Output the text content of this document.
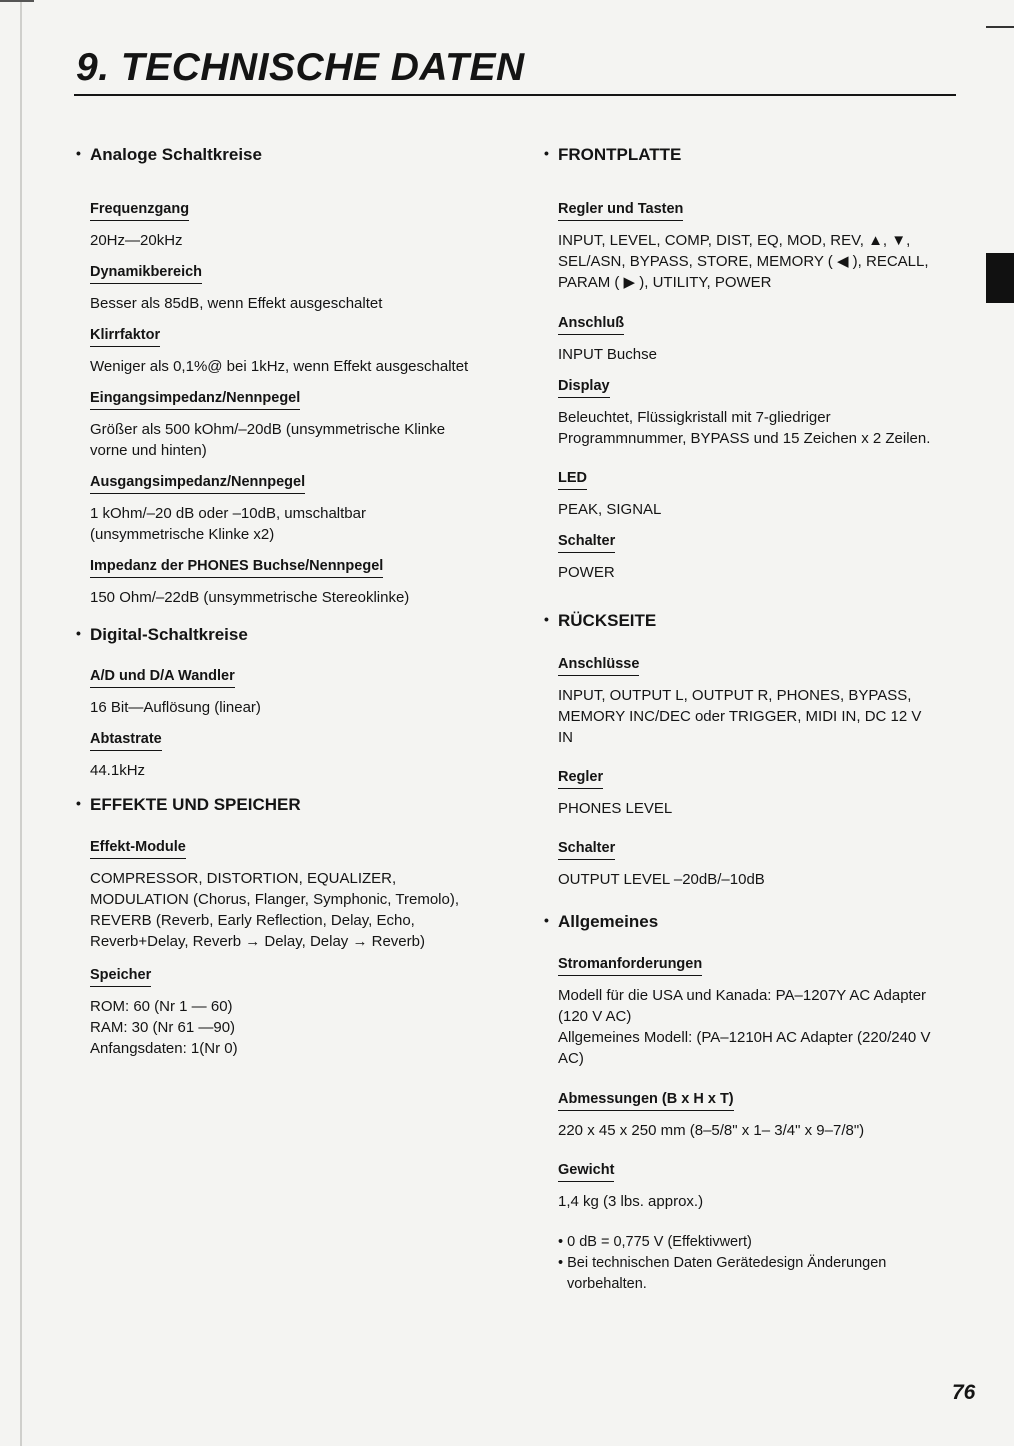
9. TECHNISCHE DATEN
• Analoge Schaltkreise

Frequenzgang

20Hz—20kHz

Dynamikbereich

Besser als 85dB, wenn Effekt ausgeschaltet

Klirrfaktor

Weniger als 0,1%@ bei 1kHz, wenn Effekt ausgeschaltet

Eingangsimpedanz/Nennpegel

Größer als 500 kOhm/–20dB (unsymmetrische Klinke

vorne und hinten)

Ausgangsimpedanz/Nennpegel

1 kOhm/–20 dB oder –10dB, umschaltbar

(unsymmetrische Klinke x2)

Impedanz der PHONES Buchse/Nennpegel

150 Ohm/–22dB (unsymmetrische Stereoklinke)

• Digital-Schaltkreise

A/D und D/A Wandler

16 Bit—Auflösung (linear)

Abtastrate

44.1kHz

• EFFEKTE UND SPEICHER

Effekt-Module

COMPRESSOR, DISTORTION, EQUALIZER,

MODULATION (Chorus, Flanger, Symphonic, Tremolo),

REVERB (Reverb, Early Reflection, Delay, Echo,

Reverb+Delay, Reverb → Delay, Delay → Reverb)

Speicher

ROM: 60 (Nr 1 — 60)

RAM: 30 (Nr 61 —90)

Anfangsdaten: 1(Nr 0)

• FRONTPLATTE

Regler und Tasten

INPUT, LEVEL, COMP, DIST, EQ, MOD, REV, ▲, ▼,

SEL/ASN, BYPASS, STORE, MEMORY ( ◀ ), RECALL,

PARAM ( ▶ ), UTILITY, POWER

Anschluß

INPUT Buchse

Display

Beleuchtet, Flüssigkristall mit 7-gliedriger

Programmnummer, BYPASS und 15 Zeichen x 2 Zeilen.

LED

PEAK, SIGNAL

Schalter

POWER

• RÜCKSEITE

Anschlüsse

INPUT, OUTPUT L, OUTPUT R, PHONES, BYPASS,

MEMORY INC/DEC oder TRIGGER, MIDI IN, DC 12 V

IN

Regler

PHONES LEVEL

Schalter

OUTPUT LEVEL –20dB/–10dB

• Allgemeines

Stromanforderungen

Modell für die USA und Kanada: PA–1207Y AC Adapter

(120 V AC)

Allgemeines Modell: (PA–1210H AC Adapter (220/240 V

AC)

Abmessungen (B x H x T)

220 x 45 x 250 mm (8–5/8" x 1– 3/4" x 9–7/8")

Gewicht

1,4 kg (3 lbs. approx.)

• 0 dB = 0,775 V (Effektivwert)

• Bei technischen Daten Gerätedesign Änderungen

vorbehalten.

76
